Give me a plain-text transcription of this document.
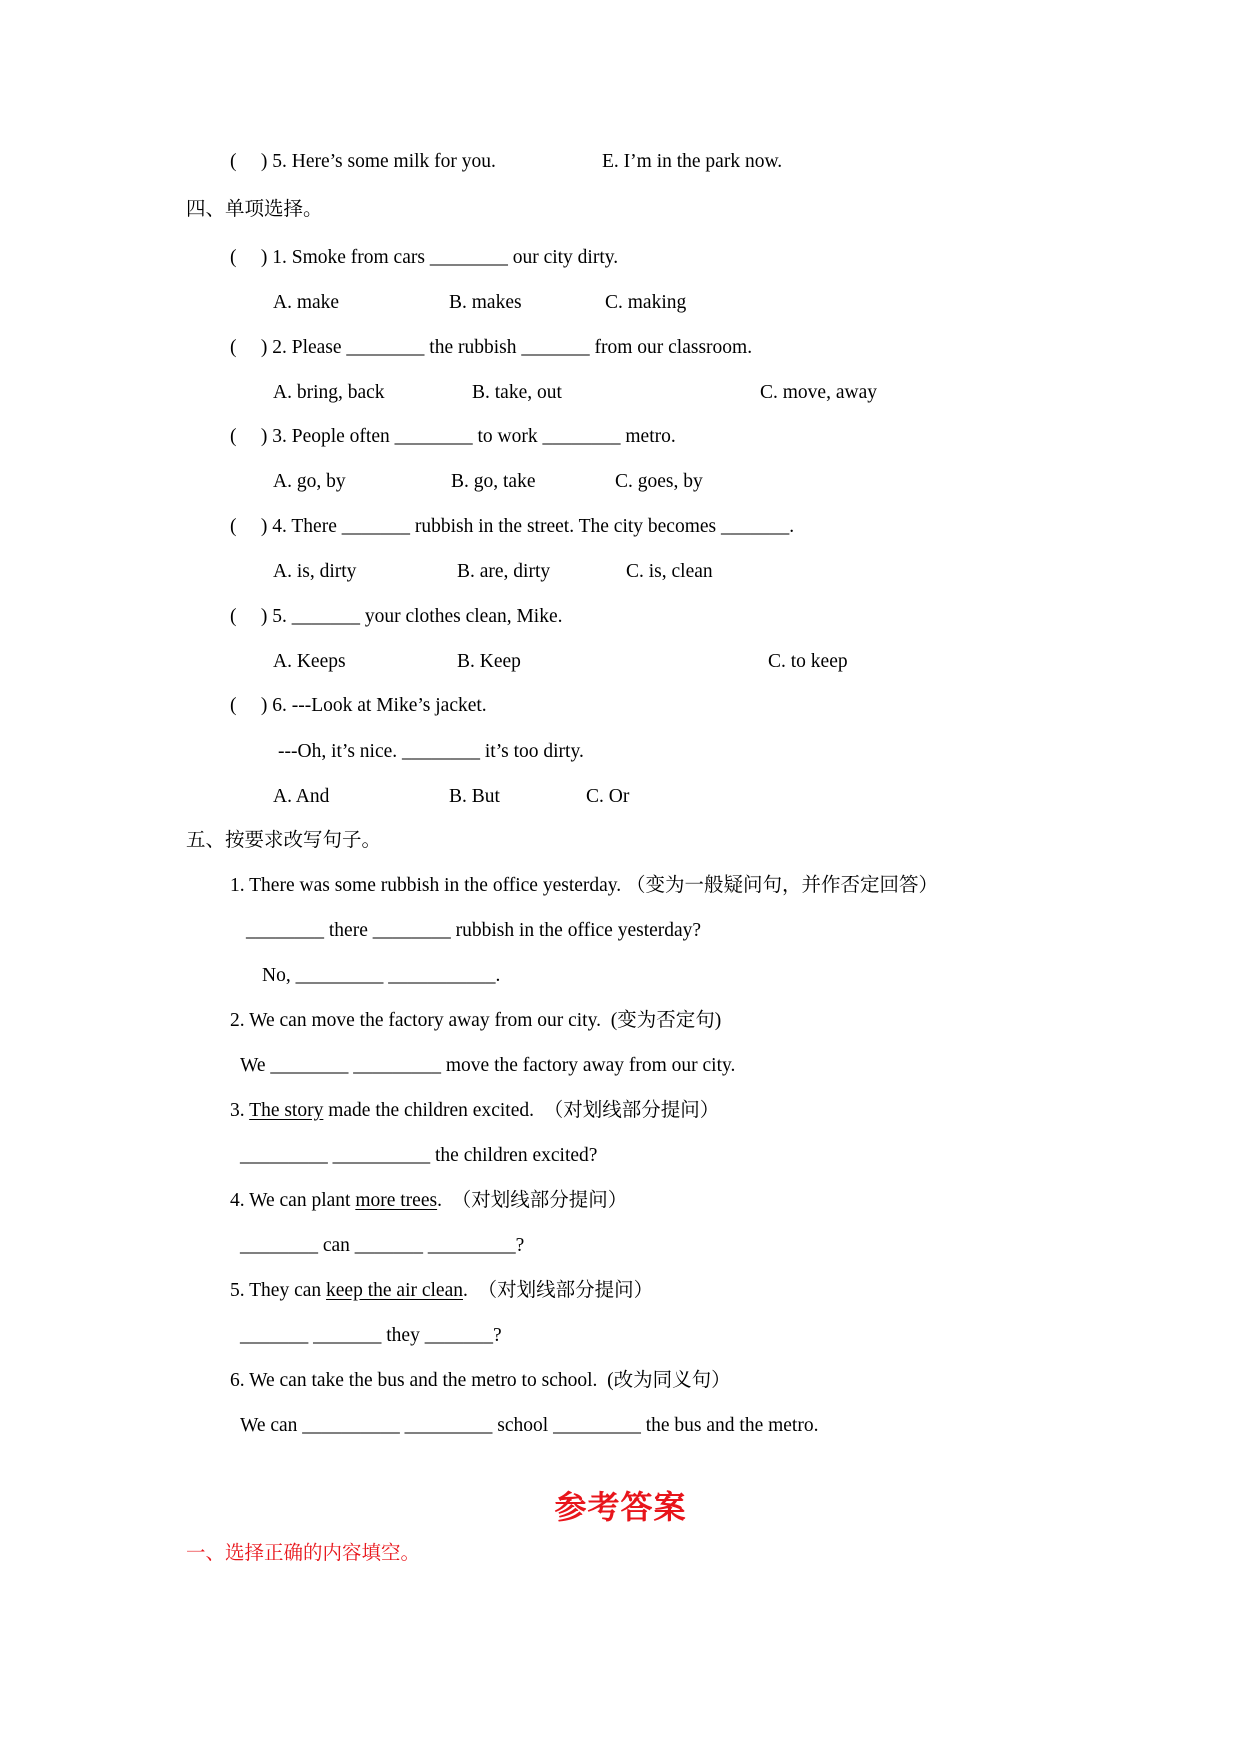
(     ) 5. Here’s some milk for you.	E. I’m in the park now.
四、单项选择。
(     ) 1. Smoke from cars ________ our city dirty.
A. make	B. makes	C. making
(     ) 2. Please ________ the rubbish _______ from our classroom.
A. bring, back	B. take, out	C. move, away
(     ) 3. People often ________ to work ________ metro.
A. go, by	B. go, take	C. goes, by
(     ) 4. There _______ rubbish in the street. The city becomes _______.
A. is, dirty	B. are, dirty	C. is, clean
(     ) 5. _______ your clothes clean, Mike.
A. Keeps	B. Keep	C. to keep
(     ) 6. ---Look at Mike’s jacket.
---Oh, it’s nice. ________ it’s too dirty.
A. And	B. But	C. Or
五、按要求改写句子。
1. There was some rubbish in the office yesterday. （变为一般疑问句，并作否定回答）
________ there ________ rubbish in the office yesterday?
No, _________ ___________.
2. We can move the factory away from our city.  (变为否定句)
We ________ _________ move the factory away from our city.
3. The story made the children excited.  （对划线部分提问）
_________ __________ the children excited?
4. We can plant more trees.  （对划线部分提问）
________ can _______ _________?
5. They can keep the air clean.  （对划线部分提问）
_______ _______ they _______?
6. We can take the bus and the metro to school.  (改为同义句）
We can __________ _________ school _________ the bus and the metro.
参考答案
一、选择正确的内容填空。
